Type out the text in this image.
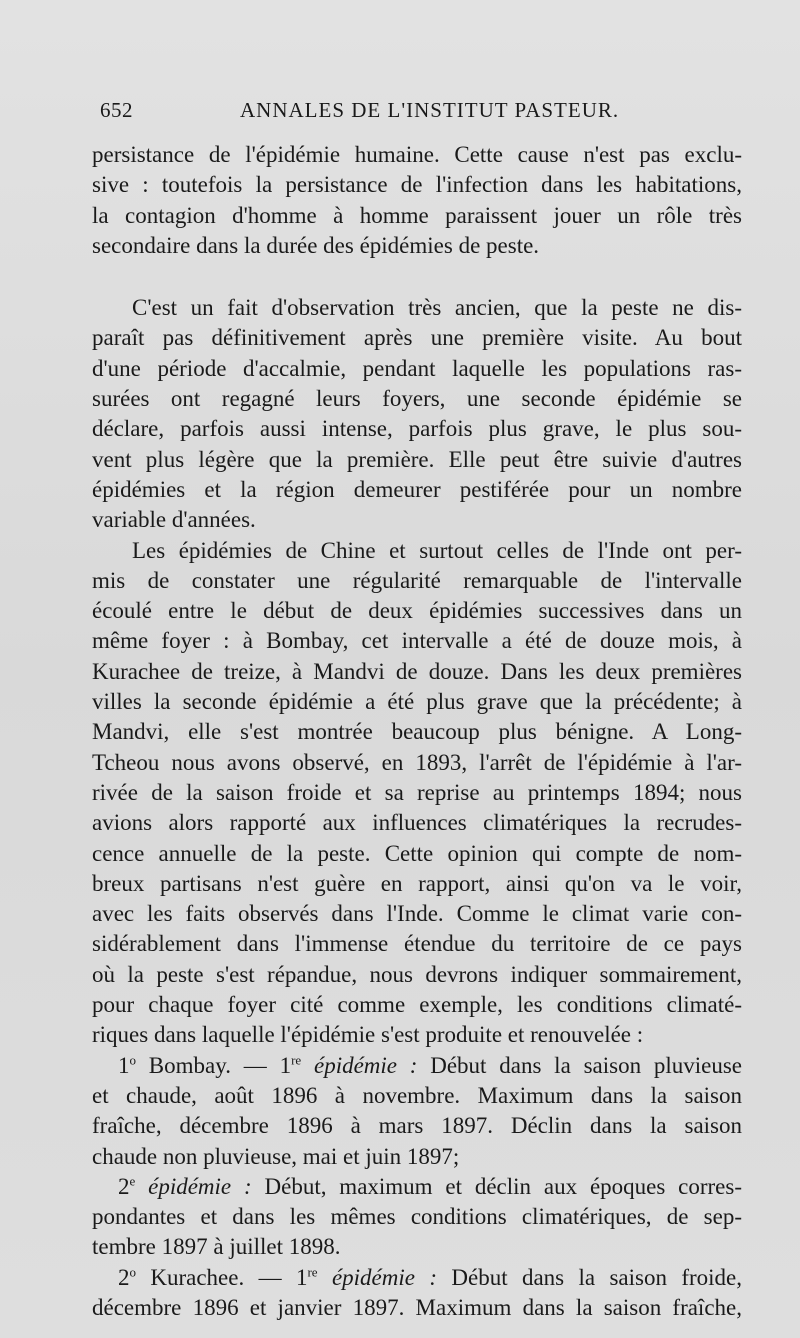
652	ANNALES DE L'INSTITUT PASTEUR.
persistance de l'épidémie humaine. Cette cause n'est pas exclu-
sive : toutefois la persistance de l'infection dans les habitations,
la contagion d'homme à homme paraissent jouer un rôle très
secondaire dans la durée des épidémies de peste.
C'est un fait d'observation très ancien, que la peste ne dis-
paraît pas définitivement après une première visite. Au bout
d'une période d'accalmie, pendant laquelle les populations ras-
surées ont regagné leurs foyers, une seconde épidémie se
déclare, parfois aussi intense, parfois plus grave, le plus sou-
vent plus légère que la première. Elle peut être suivie d'autres
épidémies et la région demeurer pestiférée pour un nombre
variable d'années.
Les épidémies de Chine et surtout celles de l'Inde ont per-
mis de constater une régularité remarquable de l'intervalle
écoulé entre le début de deux épidémies successives dans un
même foyer : à Bombay, cet intervalle a été de douze mois, à
Kurachee de treize, à Mandvi de douze. Dans les deux premières
villes la seconde épidémie a été plus grave que la précédente; à
Mandvi, elle s'est montrée beaucoup plus bénigne. A Long-
Tcheou nous avons observé, en 1893, l'arrêt de l'épidémie à l'ar-
rivée de la saison froide et sa reprise au printemps 1894; nous
avions alors rapporté aux influences climatériques la recrudes-
cence annuelle de la peste. Cette opinion qui compte de nom-
breux partisans n'est guère en rapport, ainsi qu'on va le voir,
avec les faits observés dans l'Inde. Comme le climat varie con-
sidérablement dans l'immense étendue du territoire de ce pays
où la peste s'est répandue, nous devrons indiquer sommairement,
pour chaque foyer cité comme exemple, les conditions climaté-
riques dans laquelle l'épidémie s'est produite et renouvelée :
1$^o$ Bombay. — 1re épidémie : Début dans la saison pluvieuse
et chaude, août 1896 à novembre. Maximum dans la saison
fraîche, décembre 1896 à mars 1897. Déclin dans la saison
chaude non pluvieuse, mai et juin 1897;
2e épidémie : Début, maximum et déclin aux époques corres-
pondantes et dans les mêmes conditions climatériques, de sep-
tembre 1897 à juillet 1898.
2$^o$ Kurachee. — 1re épidémie : Début dans la saison froide,
décembre 1896 et janvier 1897. Maximum dans la saison fraîche,
